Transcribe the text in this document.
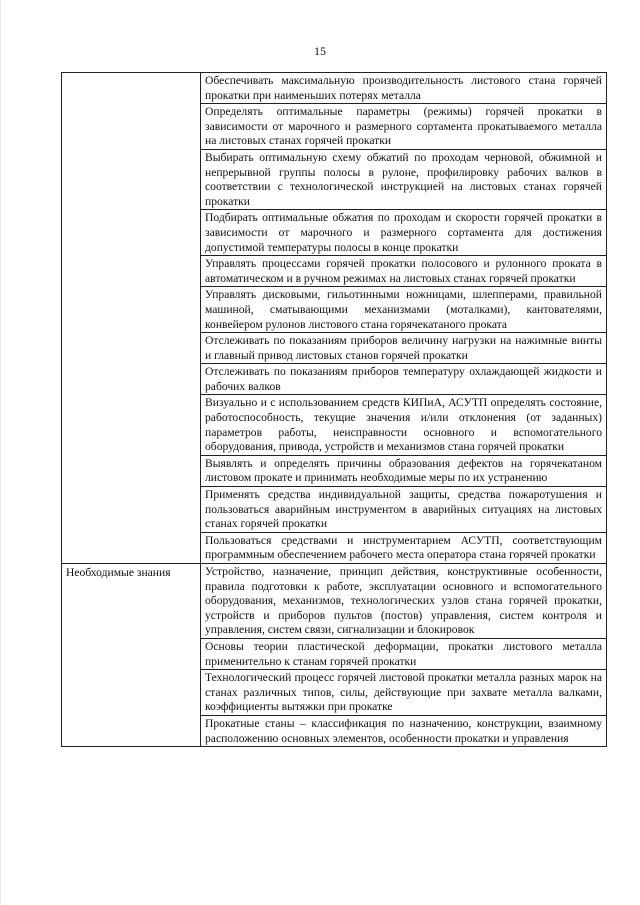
15
	Обеспечивать максимальную производительность листового стана горячей прокатки при наименьших потерях металла
	Определять оптимальные параметры (режимы) горячей прокатки в зависимости от марочного и размерного сортамента прокатываемого металла на листовых станах горячей прокатки
	Выбирать оптимальную схему обжатий по проходам черновой, обжимной и непрерывной группы полосы в рулоне, профилировку рабочих валков в соответствии с технологической инструкцией на листовых станах горячей прокатки
	Подбирать оптимальные обжатия по проходам и скорости горячей прокатки в зависимости от марочного и размерного сортамента для достижения допустимой температуры полосы в конце прокатки
	Управлять процессами горячей прокатки полосового и рулонного проката в автоматическом и в ручном режимах на листовых станах горячей прокатки
	Управлять дисковыми, гильотинными ножницами, шлепперами, правильной машиной, сматывающими механизмами (моталками), кантователями, конвейером рулонов листового стана горячекатаного проката
	Отслеживать по показаниям приборов величину нагрузки на нажимные винты и главный привод листовых станов горячей прокатки
	Отслеживать по показаниям приборов температуру охлаждающей жидкости и рабочих валков
	Визуально и с использованием средств КИПиА, АСУТП определять состояние, работоспособность, текущие значения и/или отклонения (от заданных) параметров работы, неисправности основного и вспомогательного оборудования, привода, устройств и механизмов стана горячей прокатки
	Выявлять и определять причины образования дефектов на горячекатаном листовом прокате и принимать необходимые меры по их устранению
	Применять средства индивидуальной защиты, средства пожаротушения и пользоваться аварийным инструментом в аварийных ситуациях на листовых станах горячей прокатки
	Пользоваться средствами и инструментарием АСУТП, соответствующим программным обеспечением рабочего места оператора стана горячей прокатки
Необходимые знания	Устройство, назначение, принцип действия, конструктивные особенности, правила подготовки к работе, эксплуатации основного и вспомогательного оборудования, механизмов, технологических узлов стана горячей прокатки, устройств и приборов пультов (постов) управления, систем контроля и управления, систем связи, сигнализации и блокировок
	Основы теории пластической деформации, прокатки листового металла применительно к станам горячей прокатки
	Технологический процесс горячей листовой прокатки металла разных марок на станах различных типов, силы, действующие при захвате металла валками, коэффициенты вытяжки при прокатке
	Прокатные станы – классификация по назначению, конструкции, взаимному расположению основных элементов, особенности прокатки и управления
